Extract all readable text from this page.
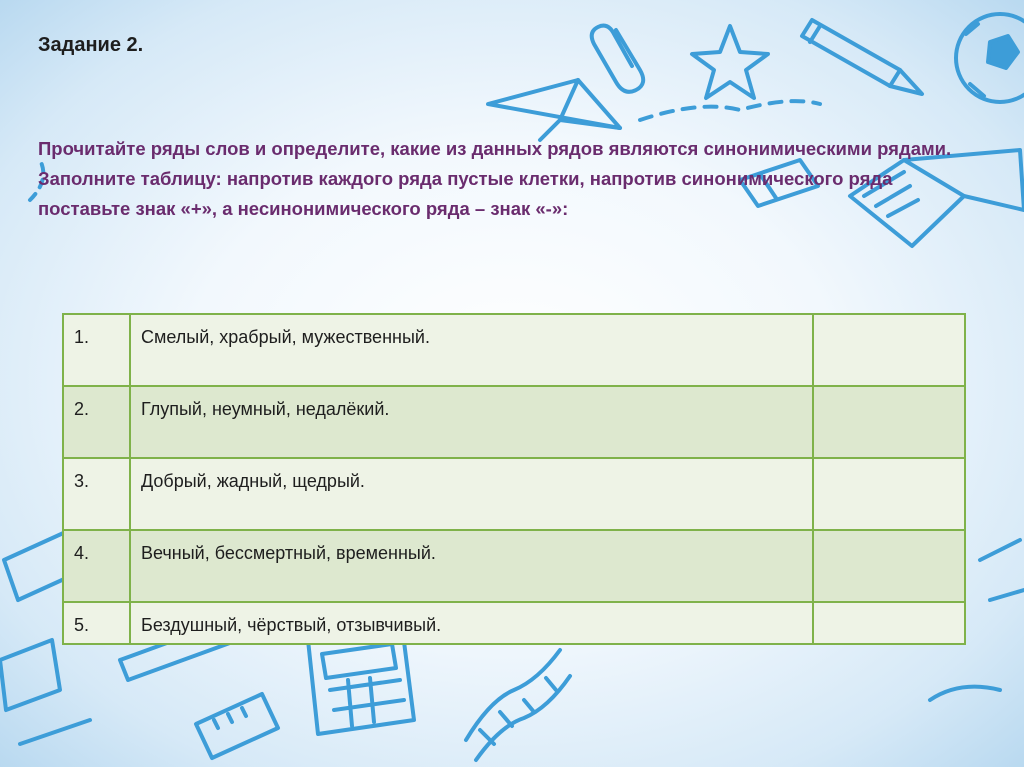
Задание 2.

Прочитайте ряды слов и определите, какие из данных рядов являются синонимическими рядами.

Заполните таблицу: напротив каждого ряда пустые клетки, напротив синонимического ряда поставьте знак «+», а несинонимического ряда – знак «-»:

1.	Смелый, храбрый, мужественный.	
2.	Глупый, неумный, недалёкий.	
3.	Добрый, жадный, щедрый.	
4.	Вечный, бессмертный, временный.	
5.	Бездушный, чёрствый, отзывчивый.	
